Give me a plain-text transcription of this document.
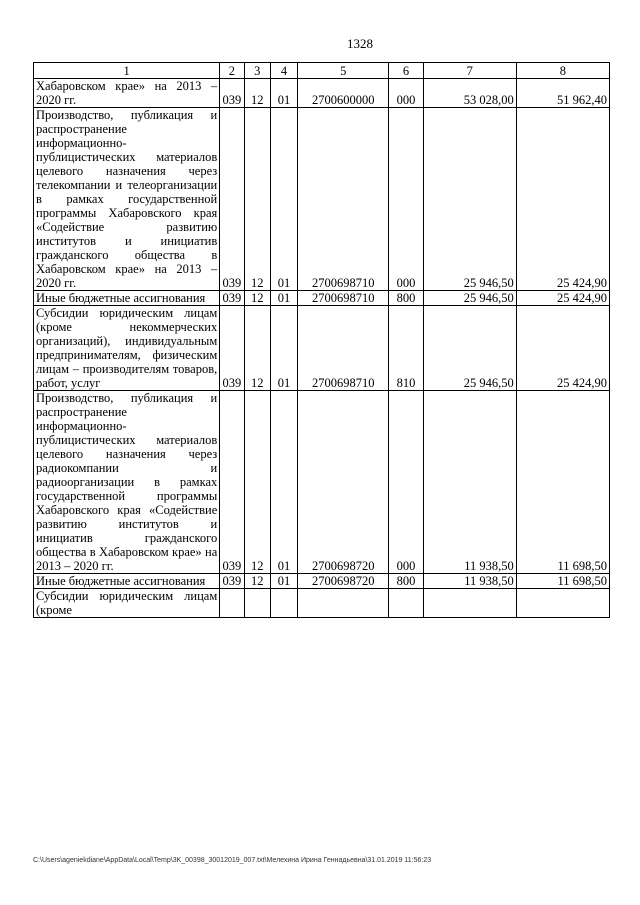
1328
1	2	3	4	5	6	7	8
Хабаровском крае» на 2013 – 2020 гг.	039	12	01	2700600000	000	53 028,00	51 962,40
Производство, публикация и распространение информационно-публицистических материалов целевого назначения через телекомпании и телеорганизации в рамках государственной программы Хабаровского края «Содействие развитию институтов и инициатив гражданского общества в Хабаровском крае» на 2013 – 2020 гг.	039	12	01	2700698710	000	25 946,50	25 424,90
Иные бюджетные ассигнования	039	12	01	2700698710	800	25 946,50	25 424,90
Субсидии юридическим лицам (кроме некоммерческих организаций), индивидуальным предпринимателям, физическим лицам – производителям товаров, работ, услуг	039	12	01	2700698710	810	25 946,50	25 424,90
Производство, публикация и распространение информационно-публицистических материалов целевого назначения через радиокомпании и радиоорганизации в рамках государственной программы Хабаровского края «Содействие развитию институтов и инициатив гражданского общества в Хабаровском крае» на 2013 – 2020 гг.	039	12	01	2700698720	000	11 938,50	11 698,50
Иные бюджетные ассигнования	039	12	01	2700698720	800	11 938,50	11 698,50
Субсидии юридическим лицам (кроме							
C:\Users\ageniekdiane\AppData\Local\Temp\3K_00398_30012019_007.txt\Мелехина Ирина Геннадьевна\31.01.2019 11:56:23
